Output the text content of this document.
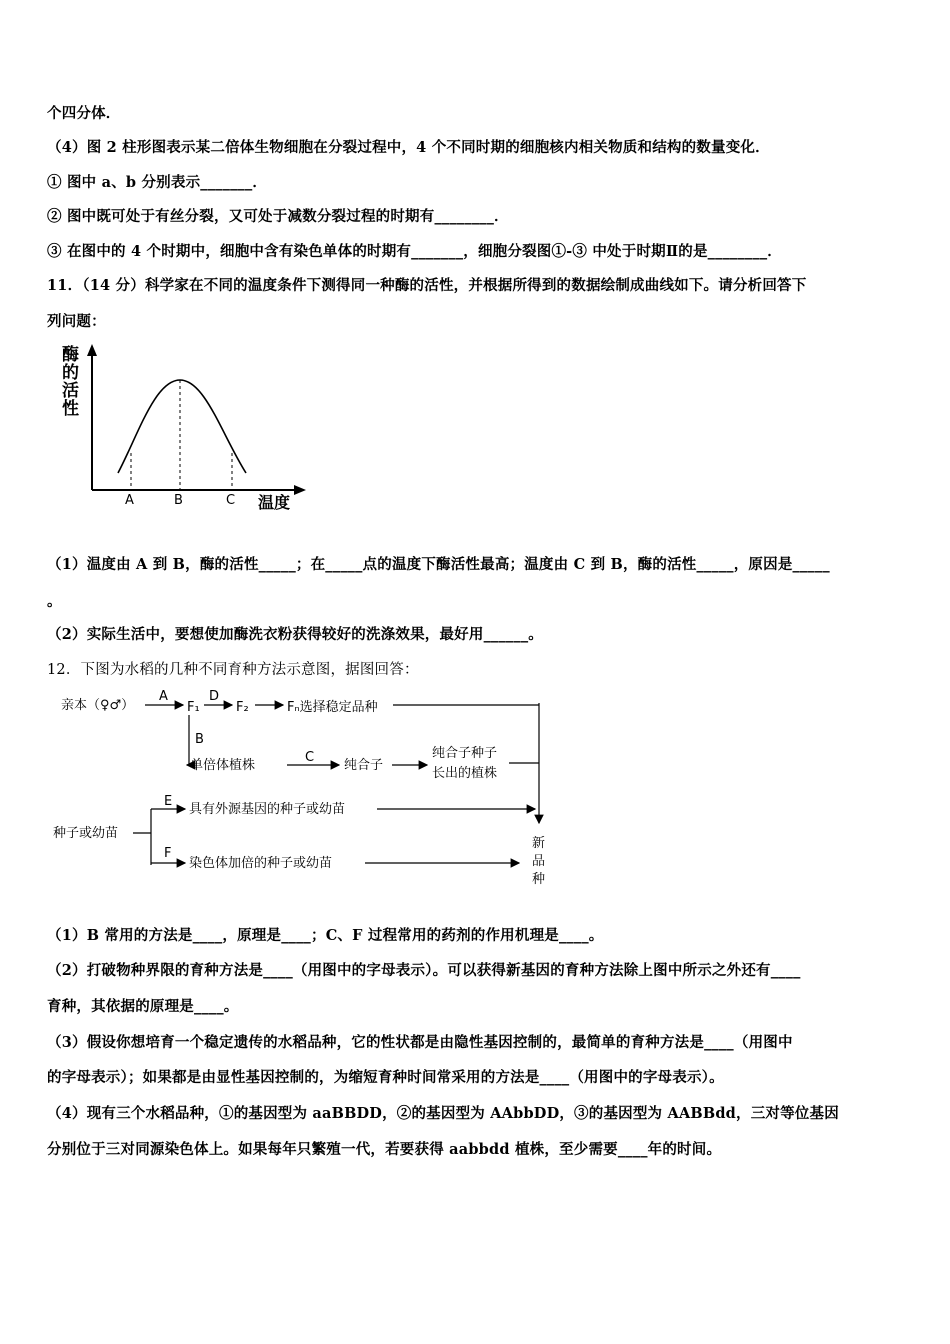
个四分体．
（4）图 2 柱形图表示某二倍体生物细胞在分裂过程中，4 个不同时期的细胞核内相关物质和结构的数量变化．
① 图中 a、b 分别表示_______．
② 图中既可处于有丝分裂，又可处于减数分裂过程的时期有________．
③ 在图中的 4 个时期中，细胞中含有染色单体的时期有_______，细胞分裂图①-③ 中处于时期Ⅱ的是________．
11．（14 分）科学家在不同的温度条件下测得同一种酶的活性，并根据所得到的数据绘制成曲线如下。请分析回答下
列问题：
酶
的
活
性
A	B	C 温度
（1）温度由 A 到 B，酶的活性_____；在_____点的温度下酶活性最高；温度由 C 到 B，酶的活性_____，原因是_____
。
（2）实际生活中，要想使加酶洗衣粉获得较好的洗涤效果，最好用______。
12．下图为水稻的几种不同育种方法示意图，据图回答：
亲本（♀♂）
A
F₁
D
F₂	Fₙ选择稳定品种
B
单倍体植株
C
纯合子
纯合子种子
长出的植株
E
具有外源基因的种子或幼苗
种子或幼苗
F
染色体加倍的种子或幼苗
新
品
种
（1）B 常用的方法是____，原理是____；C、F 过程常用的药剂的作用机理是____。
（2）打破物种界限的育种方法是____（用图中的字母表示）。可以获得新基因的育种方法除上图中所示之外还有____
育种，其依据的原理是____。
（3）假设你想培育一个稳定遗传的水稻品种，它的性状都是由隐性基因控制的，最简单的育种方法是____（用图中
的字母表示）；如果都是由显性基因控制的，为缩短育种时间常采用的方法是____（用图中的字母表示）。
（4）现有三个水稻品种，①的基因型为 aaBBDD，②的基因型为 AAbbDD，③的基因型为 AABBdd，三对等位基因
分别位于三对同源染色体上。如果每年只繁殖一代，若要获得 aabbdd 植株，至少需要____年的时间。
